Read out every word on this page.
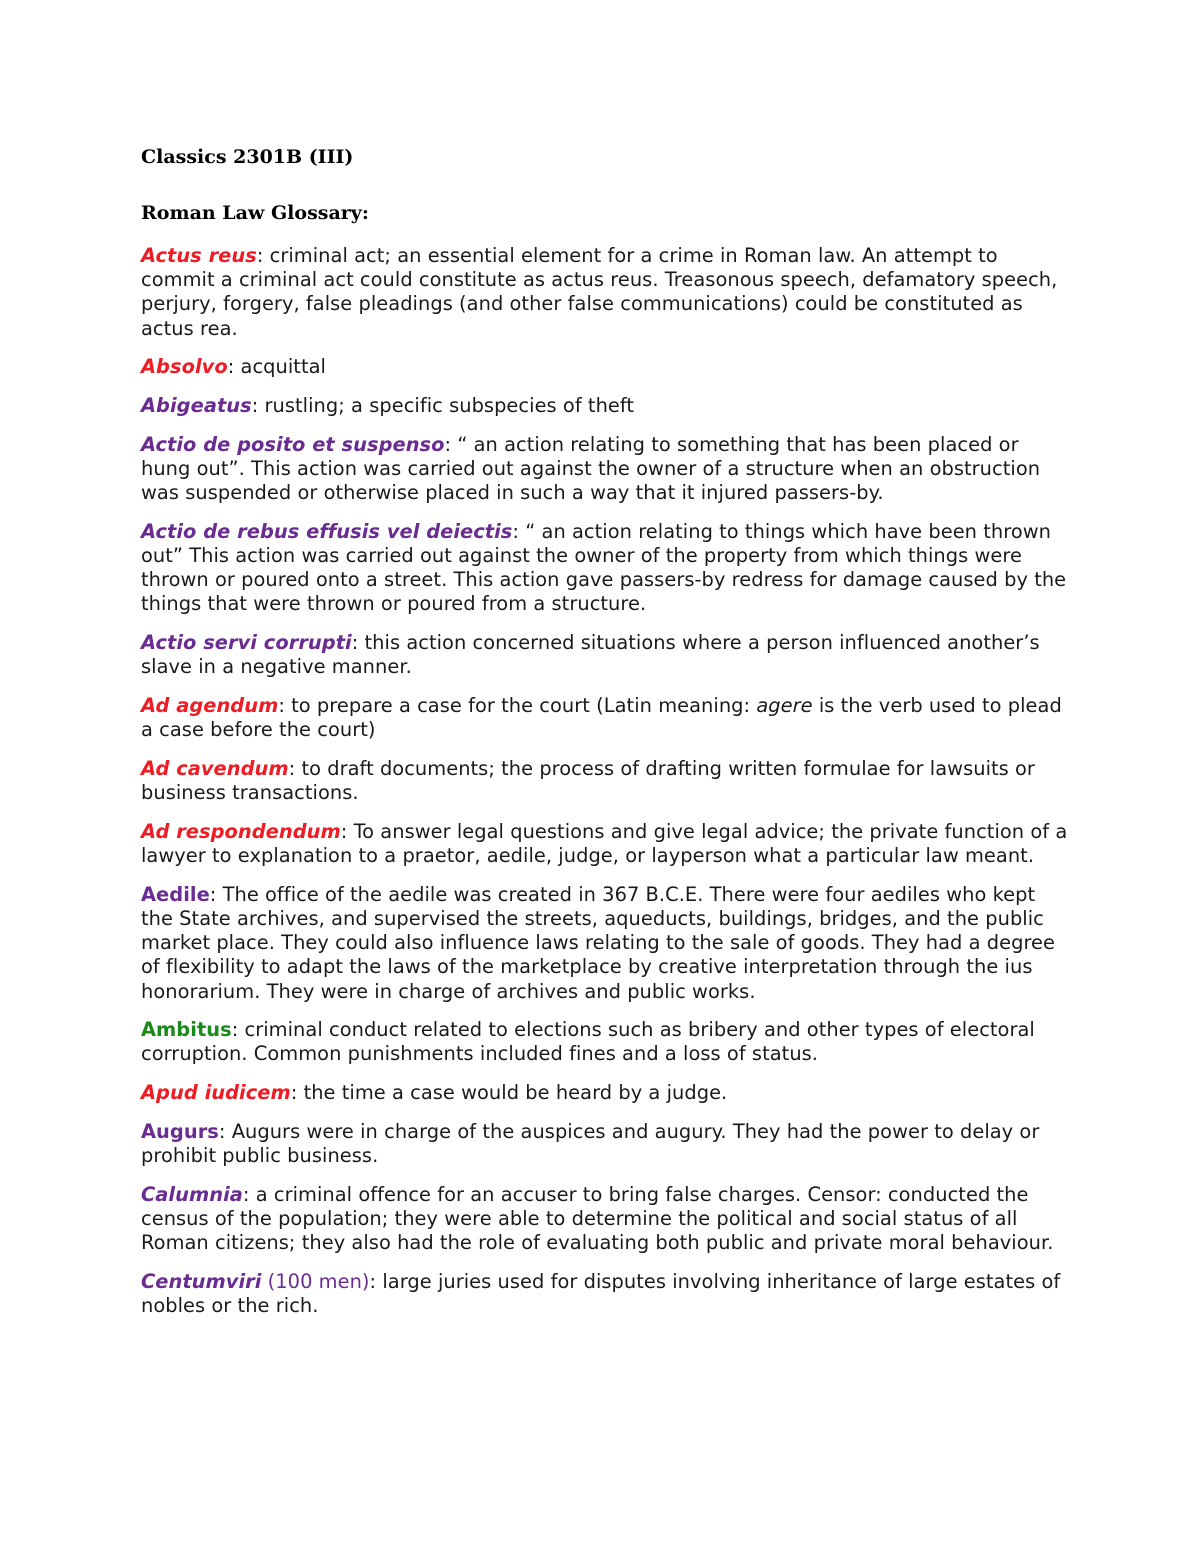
Classics 2301B (III)

Roman Law Glossary:

Actus reus: criminal act; an essential element for a crime in Roman law. An attempt to commit a criminal act could constitute as actus reus. Treasonous speech, defamatory speech, perjury, forgery, false pleadings (and other false communications) could be constituted as actus rea.

Absolvo: acquittal

Abigeatus: rustling; a specific subspecies of theft

Actio de posito et suspenso: “ an action relating to something that has been placed or hung out”. This action was carried out against the owner of a structure when an obstruction was suspended or otherwise placed in such a way that it injured passers-by.

Actio de rebus effusis vel deiectis: “ an action relating to things which have been thrown out” This action was carried out against the owner of the property from which things were thrown or poured onto a street. This action gave passers-by redress for damage caused by the things that were thrown or poured from a structure.

Actio servi corrupti: this action concerned situations where a person influenced another’s slave in a negative manner.

Ad agendum: to prepare a case for the court (Latin meaning: agere is the verb used to plead a case before the court)

Ad cavendum: to draft documents; the process of drafting written formulae for lawsuits or business transactions.

Ad respondendum: To answer legal questions and give legal advice; the private function of a lawyer to explanation to a praetor, aedile, judge, or layperson what a particular law meant.

Aedile: The office of the aedile was created in 367 B.C.E. There were four aediles who kept the State archives, and supervised the streets, aqueducts, buildings, bridges, and the public market place. They could also influence laws relating to the sale of goods. They had a degree of flexibility to adapt the laws of the marketplace by creative interpretation through the ius honorarium. They were in charge of archives and public works.

Ambitus: criminal conduct related to elections such as bribery and other types of electoral corruption. Common punishments included fines and a loss of status.

Apud iudicem: the time a case would be heard by a judge.

Augurs: Augurs were in charge of the auspices and augury. They had the power to delay or prohibit public business.

Calumnia: a criminal offence for an accuser to bring false charges. Censor: conducted the census of the population; they were able to determine the political and social status of all Roman citizens; they also had the role of evaluating both public and private moral behaviour.

Centumviri (100 men): large juries used for disputes involving inheritance of large estates of nobles or the rich.
